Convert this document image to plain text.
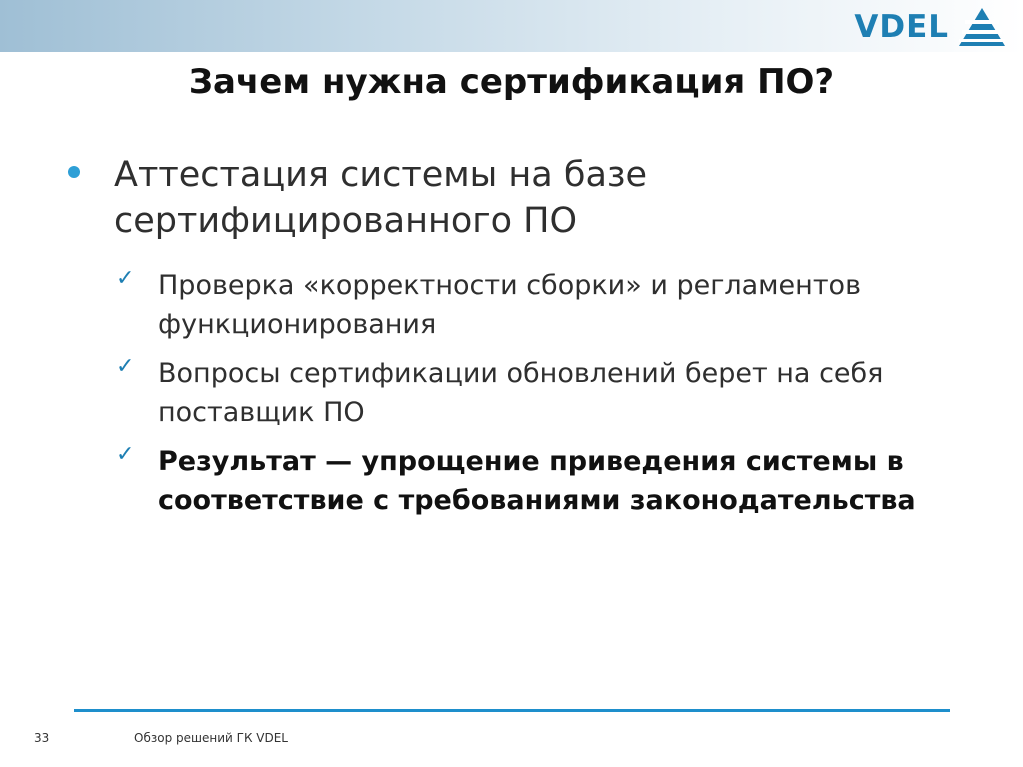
VDEL
Зачем нужна сертификация ПО?
Аттестация системы на базе сертифицированного ПО
✓ Проверка «корректности сборки» и регламентов функционирования
✓ Вопросы сертификации обновлений берет на себя поставщик ПО
✓ Результат — упрощение приведения системы в соответствие с требованиями законодательства
33	Обзор решений ГК VDEL
